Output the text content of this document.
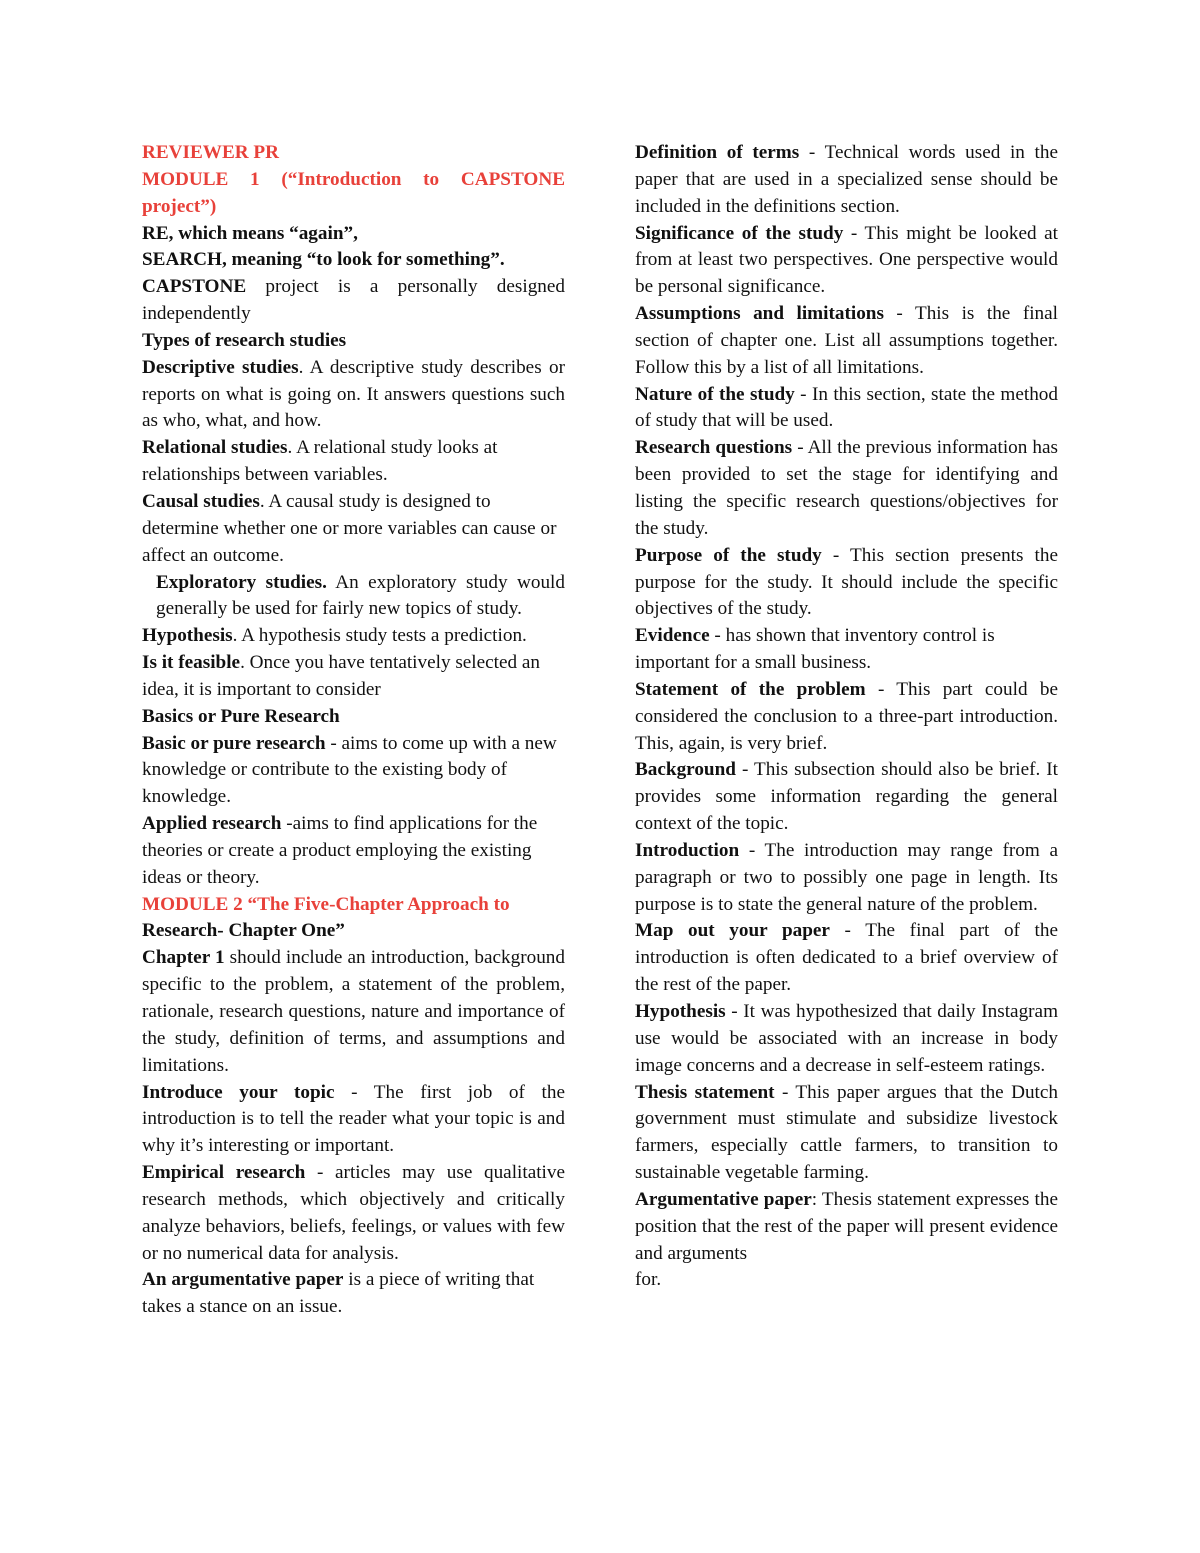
REVIEWER PR

MODULE 1 (“Introduction to CAPSTONE project”)

RE, which means “again”,

SEARCH, meaning “to look for something”.

CAPSTONE project is a personally designed independently

Types of research studies

Descriptive studies. A descriptive study describes or reports on what is going on. It answers questions such as who, what, and how.

Relational studies. A relational study looks at relationships between variables.

Causal studies. A causal study is designed to determine whether one or more variables can cause or affect an outcome.

Exploratory studies. An exploratory study would generally be used for fairly new topics of study.

Hypothesis. A hypothesis study tests a prediction.

Is it feasible. Once you have tentatively selected an idea, it is important to consider

Basics or Pure Research

Basic or pure research - aims to come up with a new knowledge or contribute to the existing body of knowledge.

Applied research -aims to find applications for the theories or create a product employing the existing ideas or theory.

MODULE 2 “The Five-Chapter Approach to

Research- Chapter One”

Chapter 1 should include an introduction, background specific to the problem, a statement of the problem, rationale, research questions, nature and importance of the study, definition of terms, and assumptions and limitations.

Introduce your topic - The first job of the introduction is to tell the reader what your topic is and why it’s interesting or important.

Empirical research - articles may use qualitative research methods, which objectively and critically analyze behaviors, beliefs, feelings, or values with few or no numerical data for analysis.

An argumentative paper is a piece of writing that takes a stance on an issue.

Definition of terms - Technical words used in the paper that are used in a specialized sense should be included in the definitions section.

Significance of the study - This might be looked at from at least two perspectives. One perspective would be personal significance.

Assumptions and limitations - This is the final section of chapter one. List all assumptions together. Follow this by a list of all limitations.

Nature of the study - In this section, state the method of study that will be used.

Research questions - All the previous information has been provided to set the stage for identifying and listing the specific research questions/objectives for the study.

Purpose of the study - This section presents the purpose for the study. It should include the specific objectives of the study.

Evidence - has shown that inventory control is important for a small business.

Statement of the problem - This part could be considered the conclusion to a three-part introduction. This, again, is very brief.

Background - This subsection should also be brief. It provides some information regarding the general context of the topic.

Introduction - The introduction may range from a paragraph or two to possibly one page in length. Its purpose is to state the general nature of the problem.

Map out your paper - The final part of the introduction is often dedicated to a brief overview of the rest of the paper.

Hypothesis - It was hypothesized that daily Instagram use would be associated with an increase in body image concerns and a decrease in self-esteem ratings.

Thesis statement - This paper argues that the Dutch government must stimulate and subsidize livestock farmers, especially cattle farmers, to transition to sustainable vegetable farming.

Argumentative paper: Thesis statement expresses the position that the rest of the paper will present evidence and arguments

for.
